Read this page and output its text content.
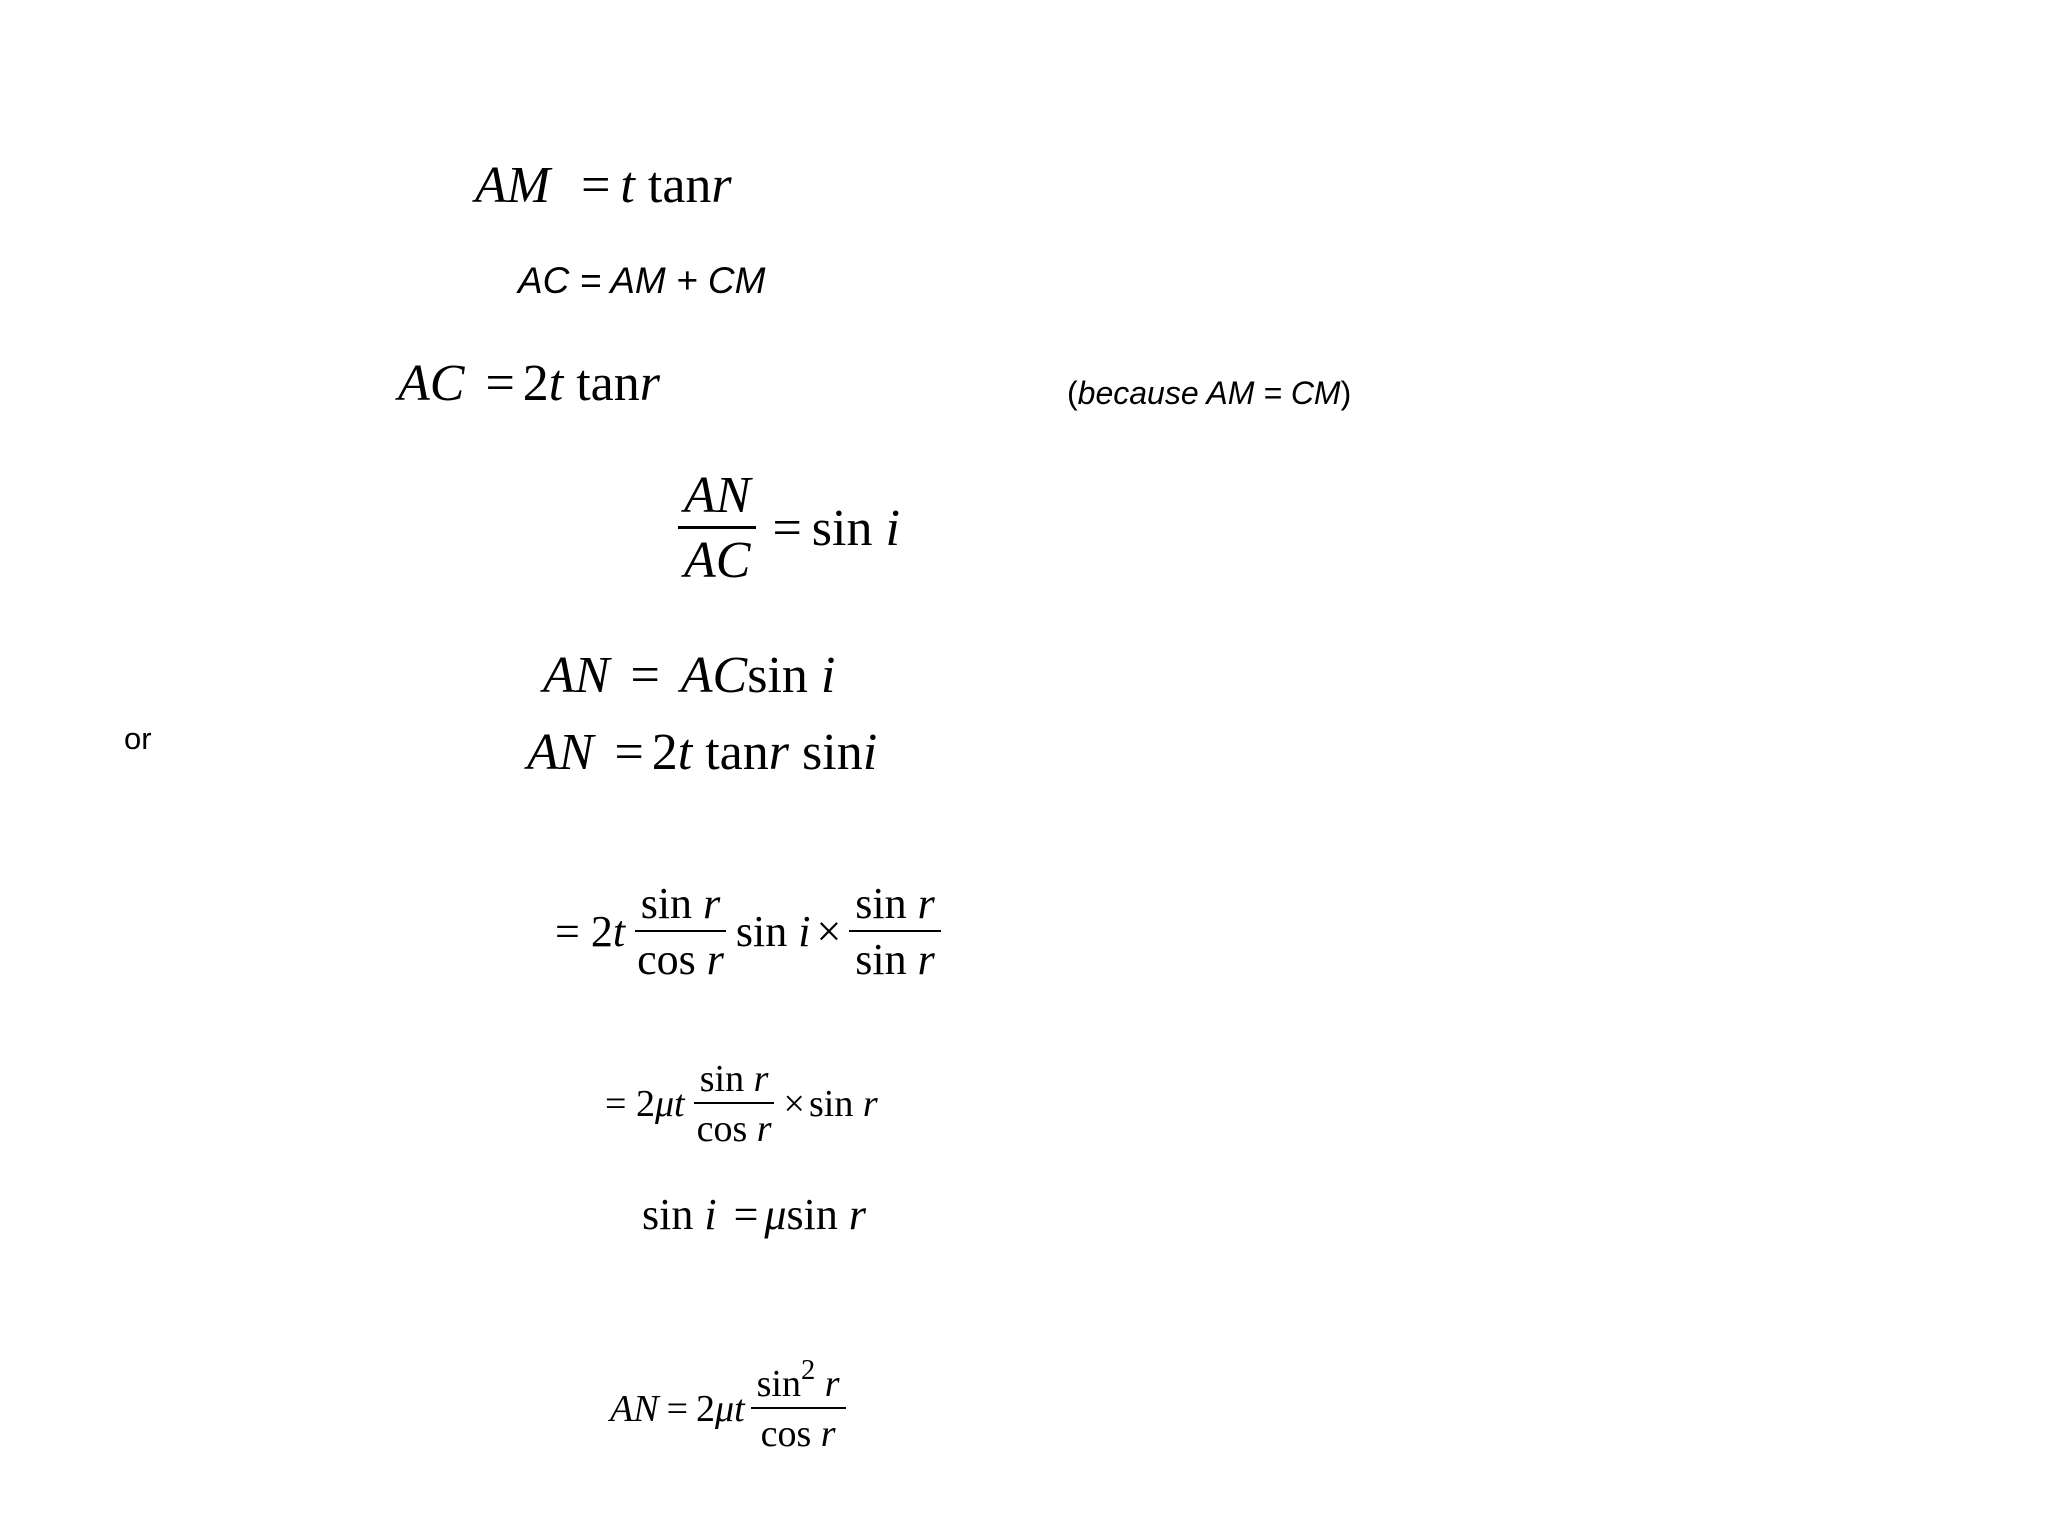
AM = t tanr
AC = AM + CM
AC = 2t tanr	(because AM = CM)
$\frac{AN}{AC} = \sin$
i
AN = ACsin i
or	AN = 2t tanr sini
=
2 t $\frac{\text{sin r}}{\text{cos r}}$ sin
$i \times \frac{\text{sin r}}{\text{sin r}}$
=
2 μ t $\frac{\text{sin r}}{\text{cos r}} \times \sin$
r
sin i = μsin r
AN = 2 μ t $\frac{\sin^2 r}{\text{cos r}}$
